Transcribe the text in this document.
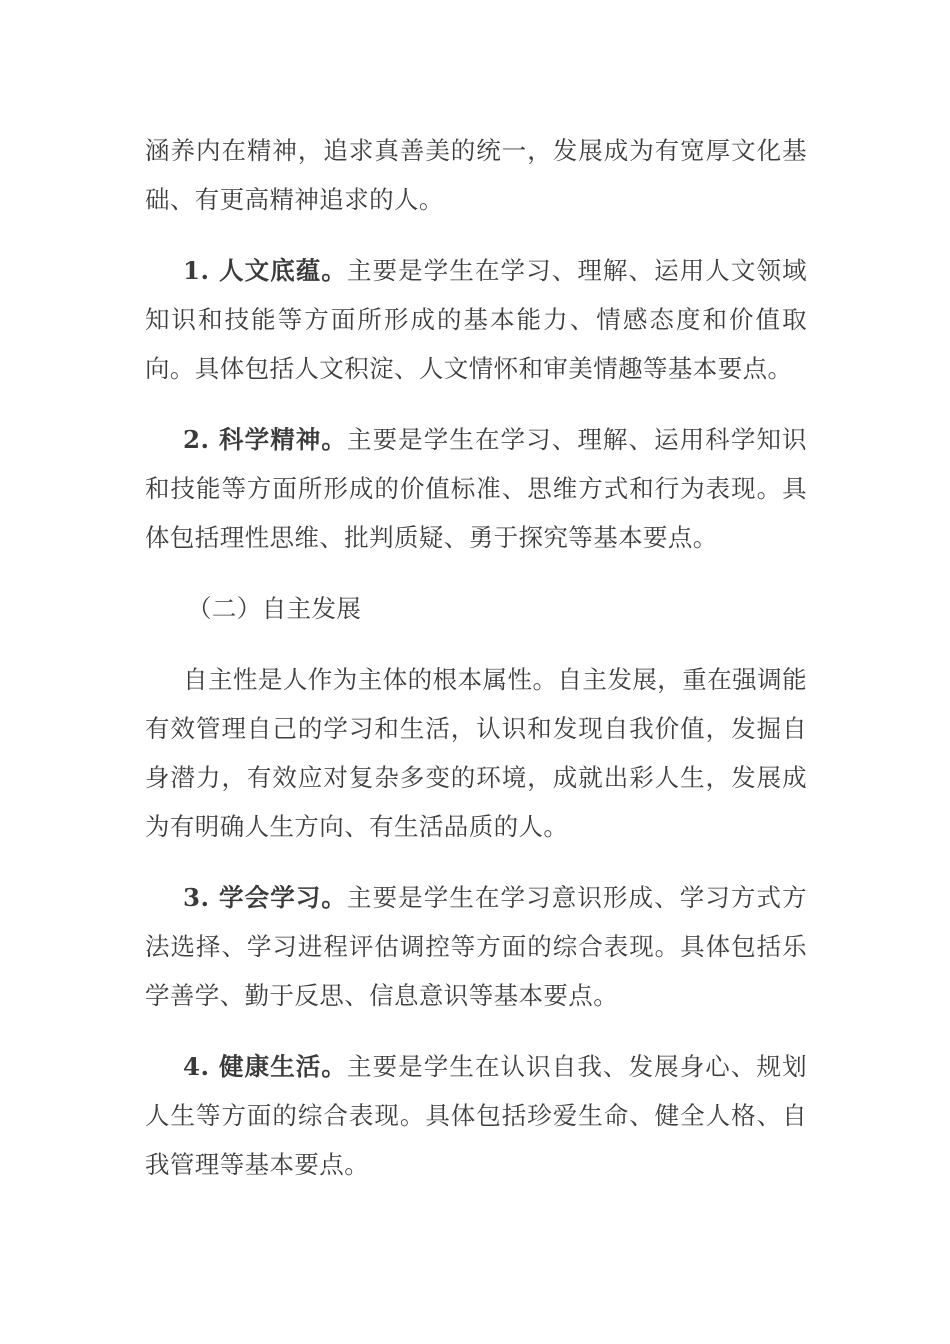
涵养内在精神，追求真善美的统一，发展成为有宽厚文化基础、有更高精神追求的人。

1. 人文底蕴。主要是学生在学习、理解、运用人文领域知识和技能等方面所形成的基本能力、情感态度和价值取向。具体包括人文积淀、人文情怀和审美情趣等基本要点。

2. 科学精神。主要是学生在学习、理解、运用科学知识和技能等方面所形成的价值标准、思维方式和行为表现。具体包括理性思维、批判质疑、勇于探究等基本要点。

（二）自主发展

自主性是人作为主体的根本属性。自主发展，重在强调能有效管理自己的学习和生活，认识和发现自我价值，发掘自身潜力，有效应对复杂多变的环境，成就出彩人生，发展成为有明确人生方向、有生活品质的人。

3. 学会学习。主要是学生在学习意识形成、学习方式方法选择、学习进程评估调控等方面的综合表现。具体包括乐学善学、勤于反思、信息意识等基本要点。

4. 健康生活。主要是学生在认识自我、发展身心、规划人生等方面的综合表现。具体包括珍爱生命、健全人格、自我管理等基本要点。
